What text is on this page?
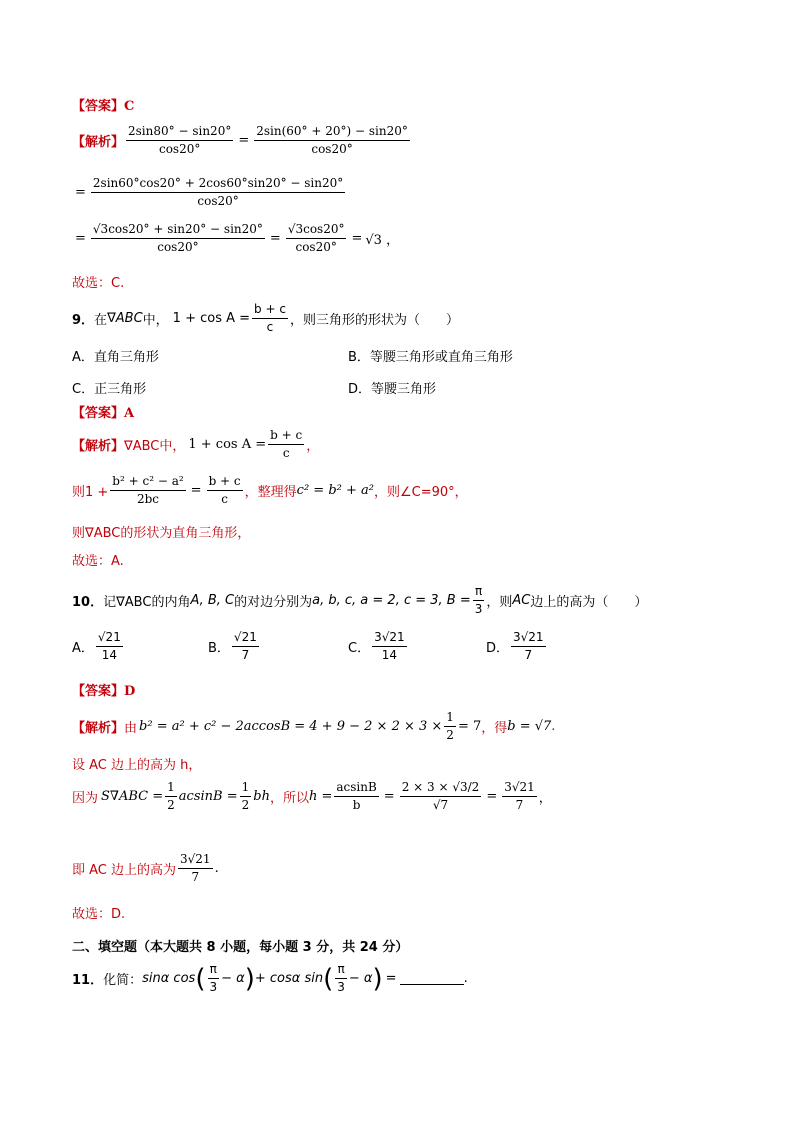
【答案】C
【解析】 $\frac{2\sin 80^\circ - \sin 20^\circ}{\cos 20^\circ} = \frac{2\sin(60^\circ + 20^\circ) - \sin 20^\circ}{\cos 20^\circ}$
= $\frac{2\sin 60^\circ\cos 20^\circ + 2\cos 60^\circ\sin 20^\circ - \sin 20^\circ}{\cos 20^\circ}$
= $\frac{√3\cos 20^\circ + \sin 20^\circ - \sin 20^\circ}{\cos 20^\circ} = \frac{√3\cos 20^\circ}{\cos 20^\circ} = √3$ ，
故选：C.
9． 在 ∇ABC 中， $1 + \cos A = \frac{b + c}{c}$ ，则三角形的形状为（　　）
A．直角三角形	B．等腰三角形或直角三角形
C．正三角形	D．等腰三角形
【答案】A
【解析】 ∇ABC中， $1 + \cos A = \frac{b + c}{c}$ ，
则$1 + \frac{\text{b² + c² − a²}}{2bc} = \frac{b + c}{c}$ ，整理得 c² = b² + a² ，则∠C=90°，
则∇ABC的形状为直角三角形，
故选：A.
10． 记∇ABC的内角 A, B, C 的对边分别为 a, b, c, a = 2, c = 3, $B = \frac{\pi}{3}$ ，则 AC 边上的高为（　　）
A． $\frac{√21}{14}$	B． $\frac{√21}{7}$	C． $\frac{3√21}{14}$	D． $\frac{3√21}{7}$
【答案】D
【解析】 由 $b^2 = a^2 + c^2 - 2accosB = 4 + 9 - 2 \times 2 \times 3 \times \frac{1}{2} = 7$ ，得 b = √7 .
设 AC 边上的高为 h，
因为 $S\nabla ABC = \frac{1}{2}$ $acsinB = \frac{1}{2}$ bh ，所以 $h = \frac{acsinB}{b} = \frac{2 \times 3 \times √3/2}{√7} = \frac{3√21}{7}$ ，
即 AC 边上的高为 $\frac{3√21}{7}$ .
故选：D.
二、填空题（本大题共 8 小题，每小题 3 分，共 24 分）
11． 化简： sinα cos ( $\frac{\pi}{3} - \alpha$ ) + cosα sin ( $\frac{\pi}{3} - \alpha$ ) =	.
